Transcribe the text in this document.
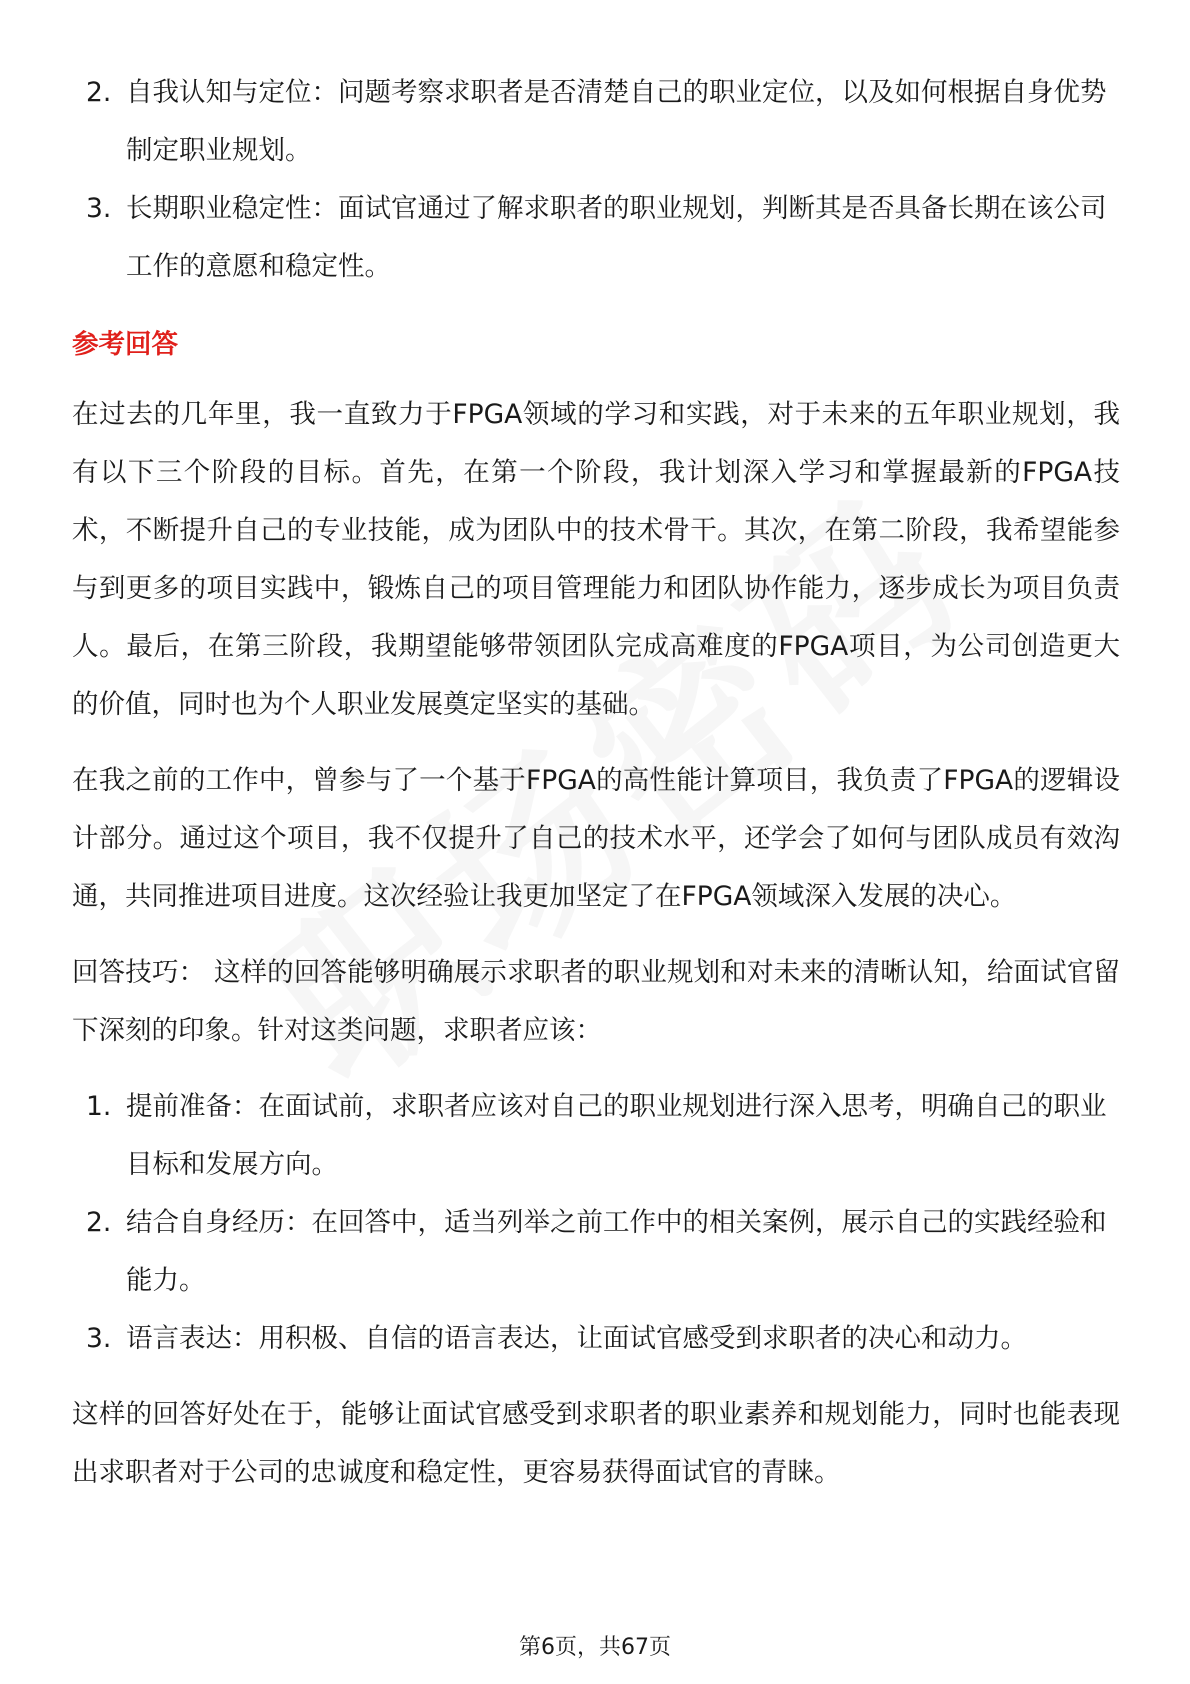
2. 自我认知与定位：问题考察求职者是否清楚自己的职业定位，以及如何根据自身优势制定职业规划。
3. 长期职业稳定性：面试官通过了解求职者的职业规划，判断其是否具备长期在该公司工作的意愿和稳定性。
参考回答

在过去的几年里，我一直致力于FPGA领域的学习和实践，对于未来的五年职业规划，我有以下三个阶段的目标。首先，在第一个阶段，我计划深入学习和掌握最新的FPGA技术，不断提升自己的专业技能，成为团队中的技术骨干。其次，在第二阶段，我希望能参与到更多的项目实践中，锻炼自己的项目管理能力和团队协作能力，逐步成长为项目负责人。最后，在第三阶段，我期望能够带领团队完成高难度的FPGA项目，为公司创造更大的价值，同时也为个人职业发展奠定坚实的基础。

在我之前的工作中，曾参与了一个基于FPGA的高性能计算项目，我负责了FPGA的逻辑设计部分。通过这个项目，我不仅提升了自己的技术水平，还学会了如何与团队成员有效沟通，共同推进项目进度。这次经验让我更加坚定了在FPGA领域深入发展的决心。

回答技巧： 这样的回答能够明确展示求职者的职业规划和对未来的清晰认知，给面试官留下深刻的印象。针对这类问题，求职者应该：

1. 提前准备：在面试前，求职者应该对自己的职业规划进行深入思考，明确自己的职业目标和发展方向。
2. 结合自身经历：在回答中，适当列举之前工作中的相关案例，展示自己的实践经验和能力。
3. 语言表达：用积极、自信的语言表达，让面试官感受到求职者的决心和动力。

这样的回答好处在于，能够让面试官感受到求职者的职业素养和规划能力，同时也能表现出求职者对于公司的忠诚度和稳定性，更容易获得面试官的青睐。

第6页，共67页
